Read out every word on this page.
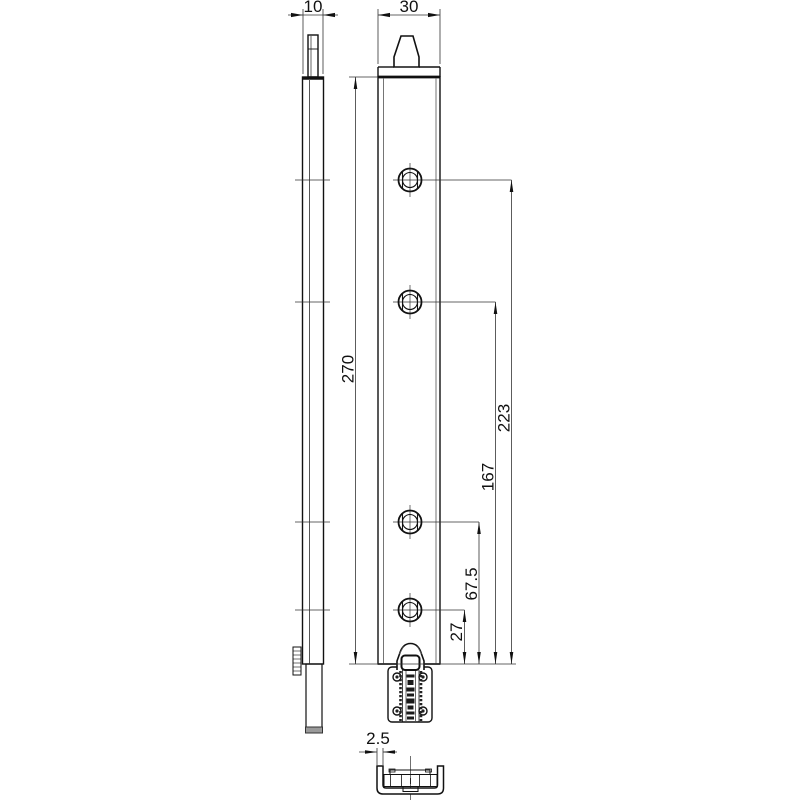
10	30
270
223
167
67.5
27
2.5
